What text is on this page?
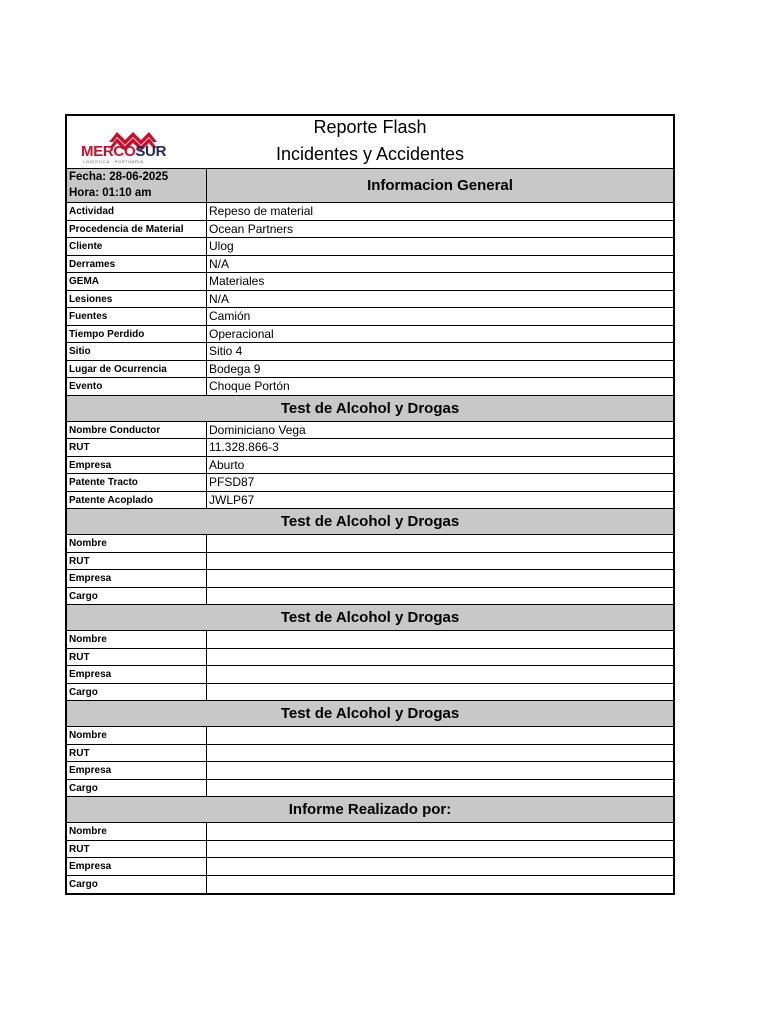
MERCOSUR
LOGISTICA · PORTUARIA
Reporte Flash
Incidentes y Accidentes
Fecha: 28-06-2025
Hora: 01:10 am	Informacion General
Actividad	Repeso de material
Procedencia de Material	Ocean Partners
Cliente	Ulog
Derrames	N/A
GEMA	Materiales
Lesiones	N/A
Fuentes	Camión
Tiempo Perdido	Operacional
Sitio	Sitio 4
Lugar de Ocurrencia	Bodega 9
Evento	Choque Portón
Test de Alcohol y Drogas
Nombre Conductor	Dominiciano Vega
RUT	11.328.866-3
Empresa	Aburto
Patente Tracto	PFSD87
Patente Acoplado	JWLP67
Test de Alcohol y Drogas
Nombre
RUT
Empresa
Cargo
Test de Alcohol y Drogas
Nombre
RUT
Empresa
Cargo
Test de Alcohol y Drogas
Nombre
RUT
Empresa
Cargo
Informe Realizado por:
Nombre
RUT
Empresa
Cargo
